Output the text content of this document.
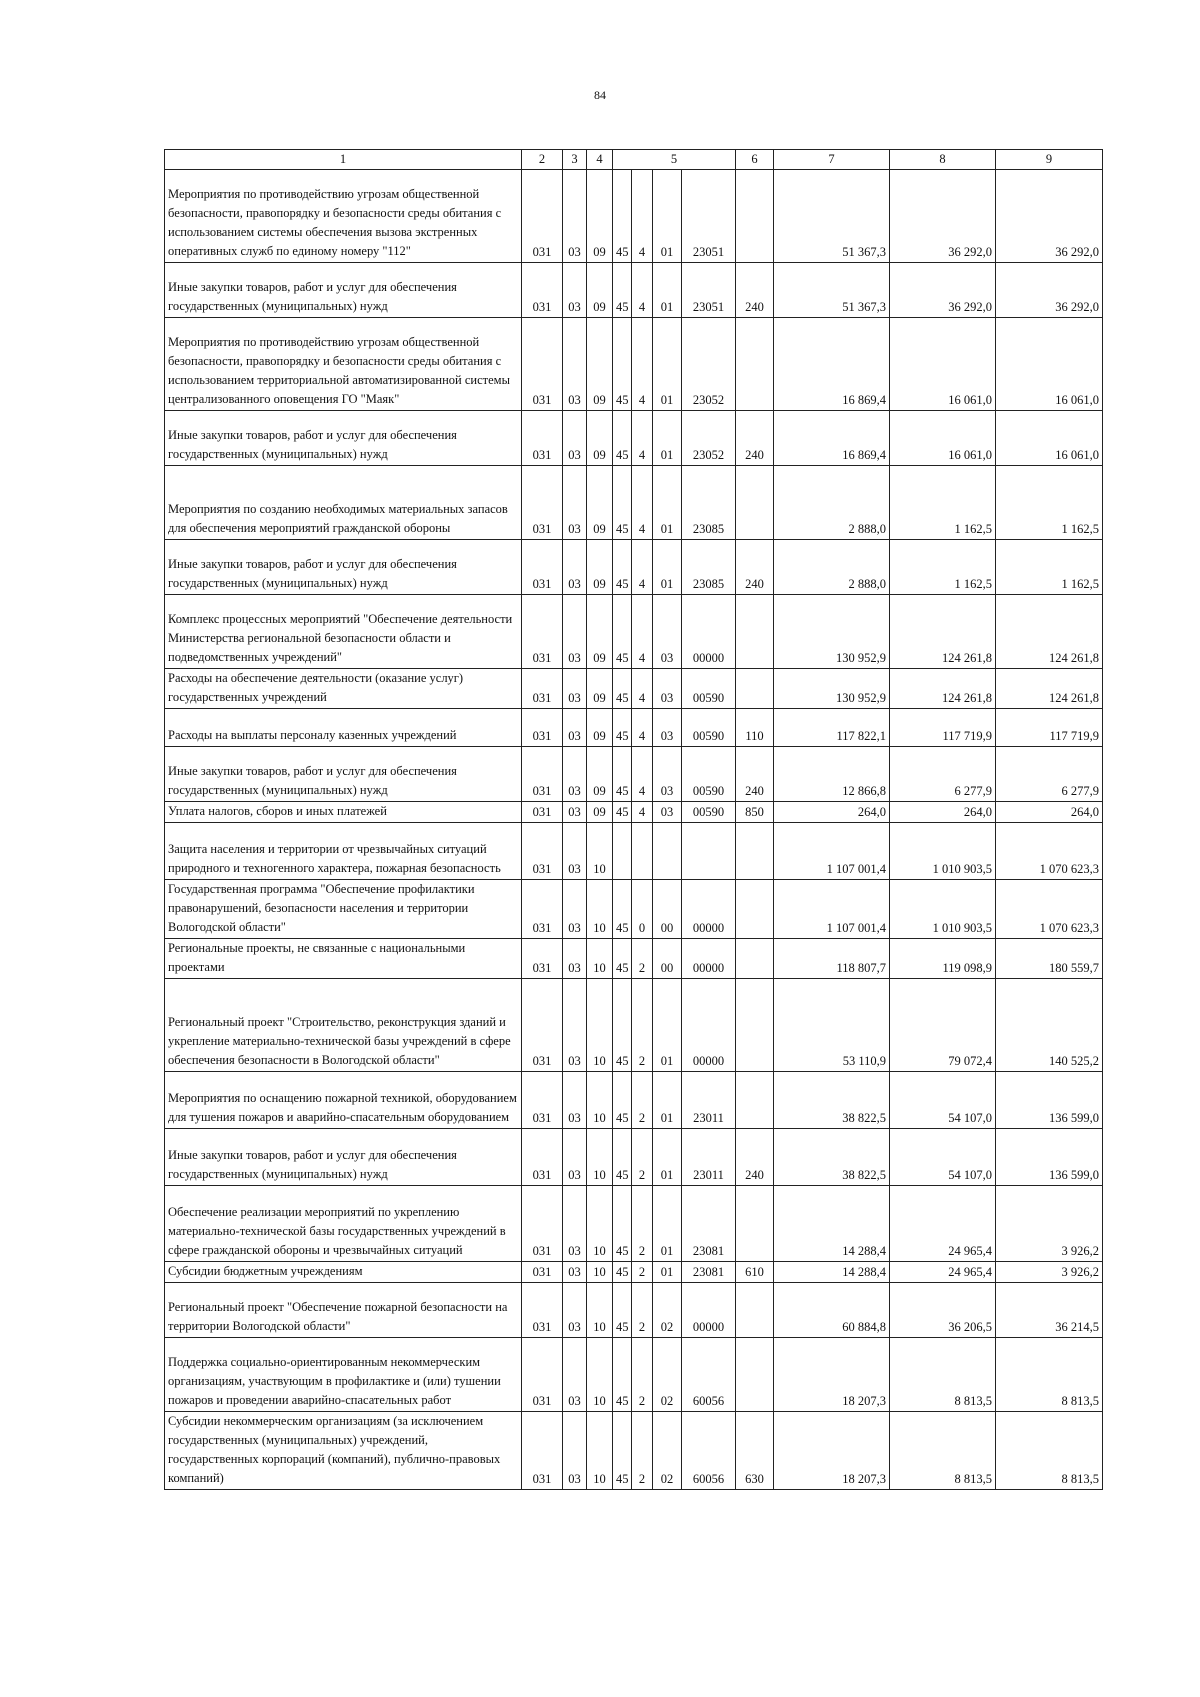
84
1	2	3	4	5				6	7	8	9
Мероприятия по противодействию угрозам общественной безопасности, правопорядку и безопасности среды обитания с использованием системы обеспечения вызова экстренных оперативных служб по единому номеру "112"	031	03	09	45	4	01	23051		51 367,3	36 292,0	36 292,0
Иные закупки товаров, работ и услуг для обеспечения государственных (муниципальных) нужд	031	03	09	45	4	01	23051	240	51 367,3	36 292,0	36 292,0
Мероприятия по противодействию угрозам общественной безопасности, правопорядку и безопасности среды обитания с использованием территориальной автоматизированной системы централизованного оповещения ГО "Маяк"	031	03	09	45	4	01	23052		16 869,4	16 061,0	16 061,0
Иные закупки товаров, работ и услуг для обеспечения государственных (муниципальных) нужд	031	03	09	45	4	01	23052	240	16 869,4	16 061,0	16 061,0
Мероприятия по созданию необходимых материальных запасов для обеспечения мероприятий гражданской обороны	031	03	09	45	4	01	23085		2 888,0	1 162,5	1 162,5
Иные закупки товаров, работ и услуг для обеспечения государственных (муниципальных) нужд	031	03	09	45	4	01	23085	240	2 888,0	1 162,5	1 162,5
Комплекс процессных мероприятий "Обеспечение деятельности Министерства региональной безопасности области и подведомственных учреждений"	031	03	09	45	4	03	00000		130 952,9	124 261,8	124 261,8
Расходы на обеспечение деятельности (оказание услуг) государственных учреждений	031	03	09	45	4	03	00590		130 952,9	124 261,8	124 261,8
Расходы на выплаты персоналу казенных учреждений	031	03	09	45	4	03	00590	110	117 822,1	117 719,9	117 719,9
Иные закупки товаров, работ и услуг для обеспечения государственных (муниципальных) нужд	031	03	09	45	4	03	00590	240	12 866,8	6 277,9	6 277,9
Уплата налогов, сборов и иных платежей	031	03	09	45	4	03	00590	850	264,0	264,0	264,0
Защита населения и территории от чрезвычайных ситуаций природного и техногенного характера, пожарная безопасность	031	03	10						1 107 001,4	1 010 903,5	1 070 623,3
Государственная программа "Обеспечение профилактики правонарушений, безопасности населения и территории Вологодской области"	031	03	10	45	0	00	00000		1 107 001,4	1 010 903,5	1 070 623,3
Региональные проекты, не связанные с национальными проектами	031	03	10	45	2	00	00000		118 807,7	119 098,9	180 559,7
Региональный проект "Строительство, реконструкция зданий и укрепление материально-технической базы учреждений в сфере обеспечения безопасности в Вологодской области"	031	03	10	45	2	01	00000		53 110,9	79 072,4	140 525,2
Мероприятия по оснащению пожарной техникой, оборудованием для тушения пожаров и аварийно-спасательным оборудованием	031	03	10	45	2	01	23011		38 822,5	54 107,0	136 599,0
Иные закупки товаров, работ и услуг для обеспечения государственных (муниципальных) нужд	031	03	10	45	2	01	23011	240	38 822,5	54 107,0	136 599,0
Обеспечение реализации мероприятий по укреплению материально-технической базы государственных учреждений в сфере гражданской обороны и чрезвычайных ситуаций	031	03	10	45	2	01	23081		14 288,4	24 965,4	3 926,2
Субсидии бюджетным учреждениям	031	03	10	45	2	01	23081	610	14 288,4	24 965,4	3 926,2
Региональный проект "Обеспечение пожарной безопасности на территории Вологодской области"	031	03	10	45	2	02	00000		60 884,8	36 206,5	36 214,5
Поддержка социально-ориентированным некоммерческим организациям, участвующим в профилактике и (или) тушении пожаров и проведении аварийно-спасательных работ	031	03	10	45	2	02	60056		18 207,3	8 813,5	8 813,5
Субсидии некоммерческим организациям (за исключением государственных (муниципальных) учреждений, государственных корпораций (компаний), публично-правовых компаний)	031	03	10	45	2	02	60056	630	18 207,3	8 813,5	8 813,5
